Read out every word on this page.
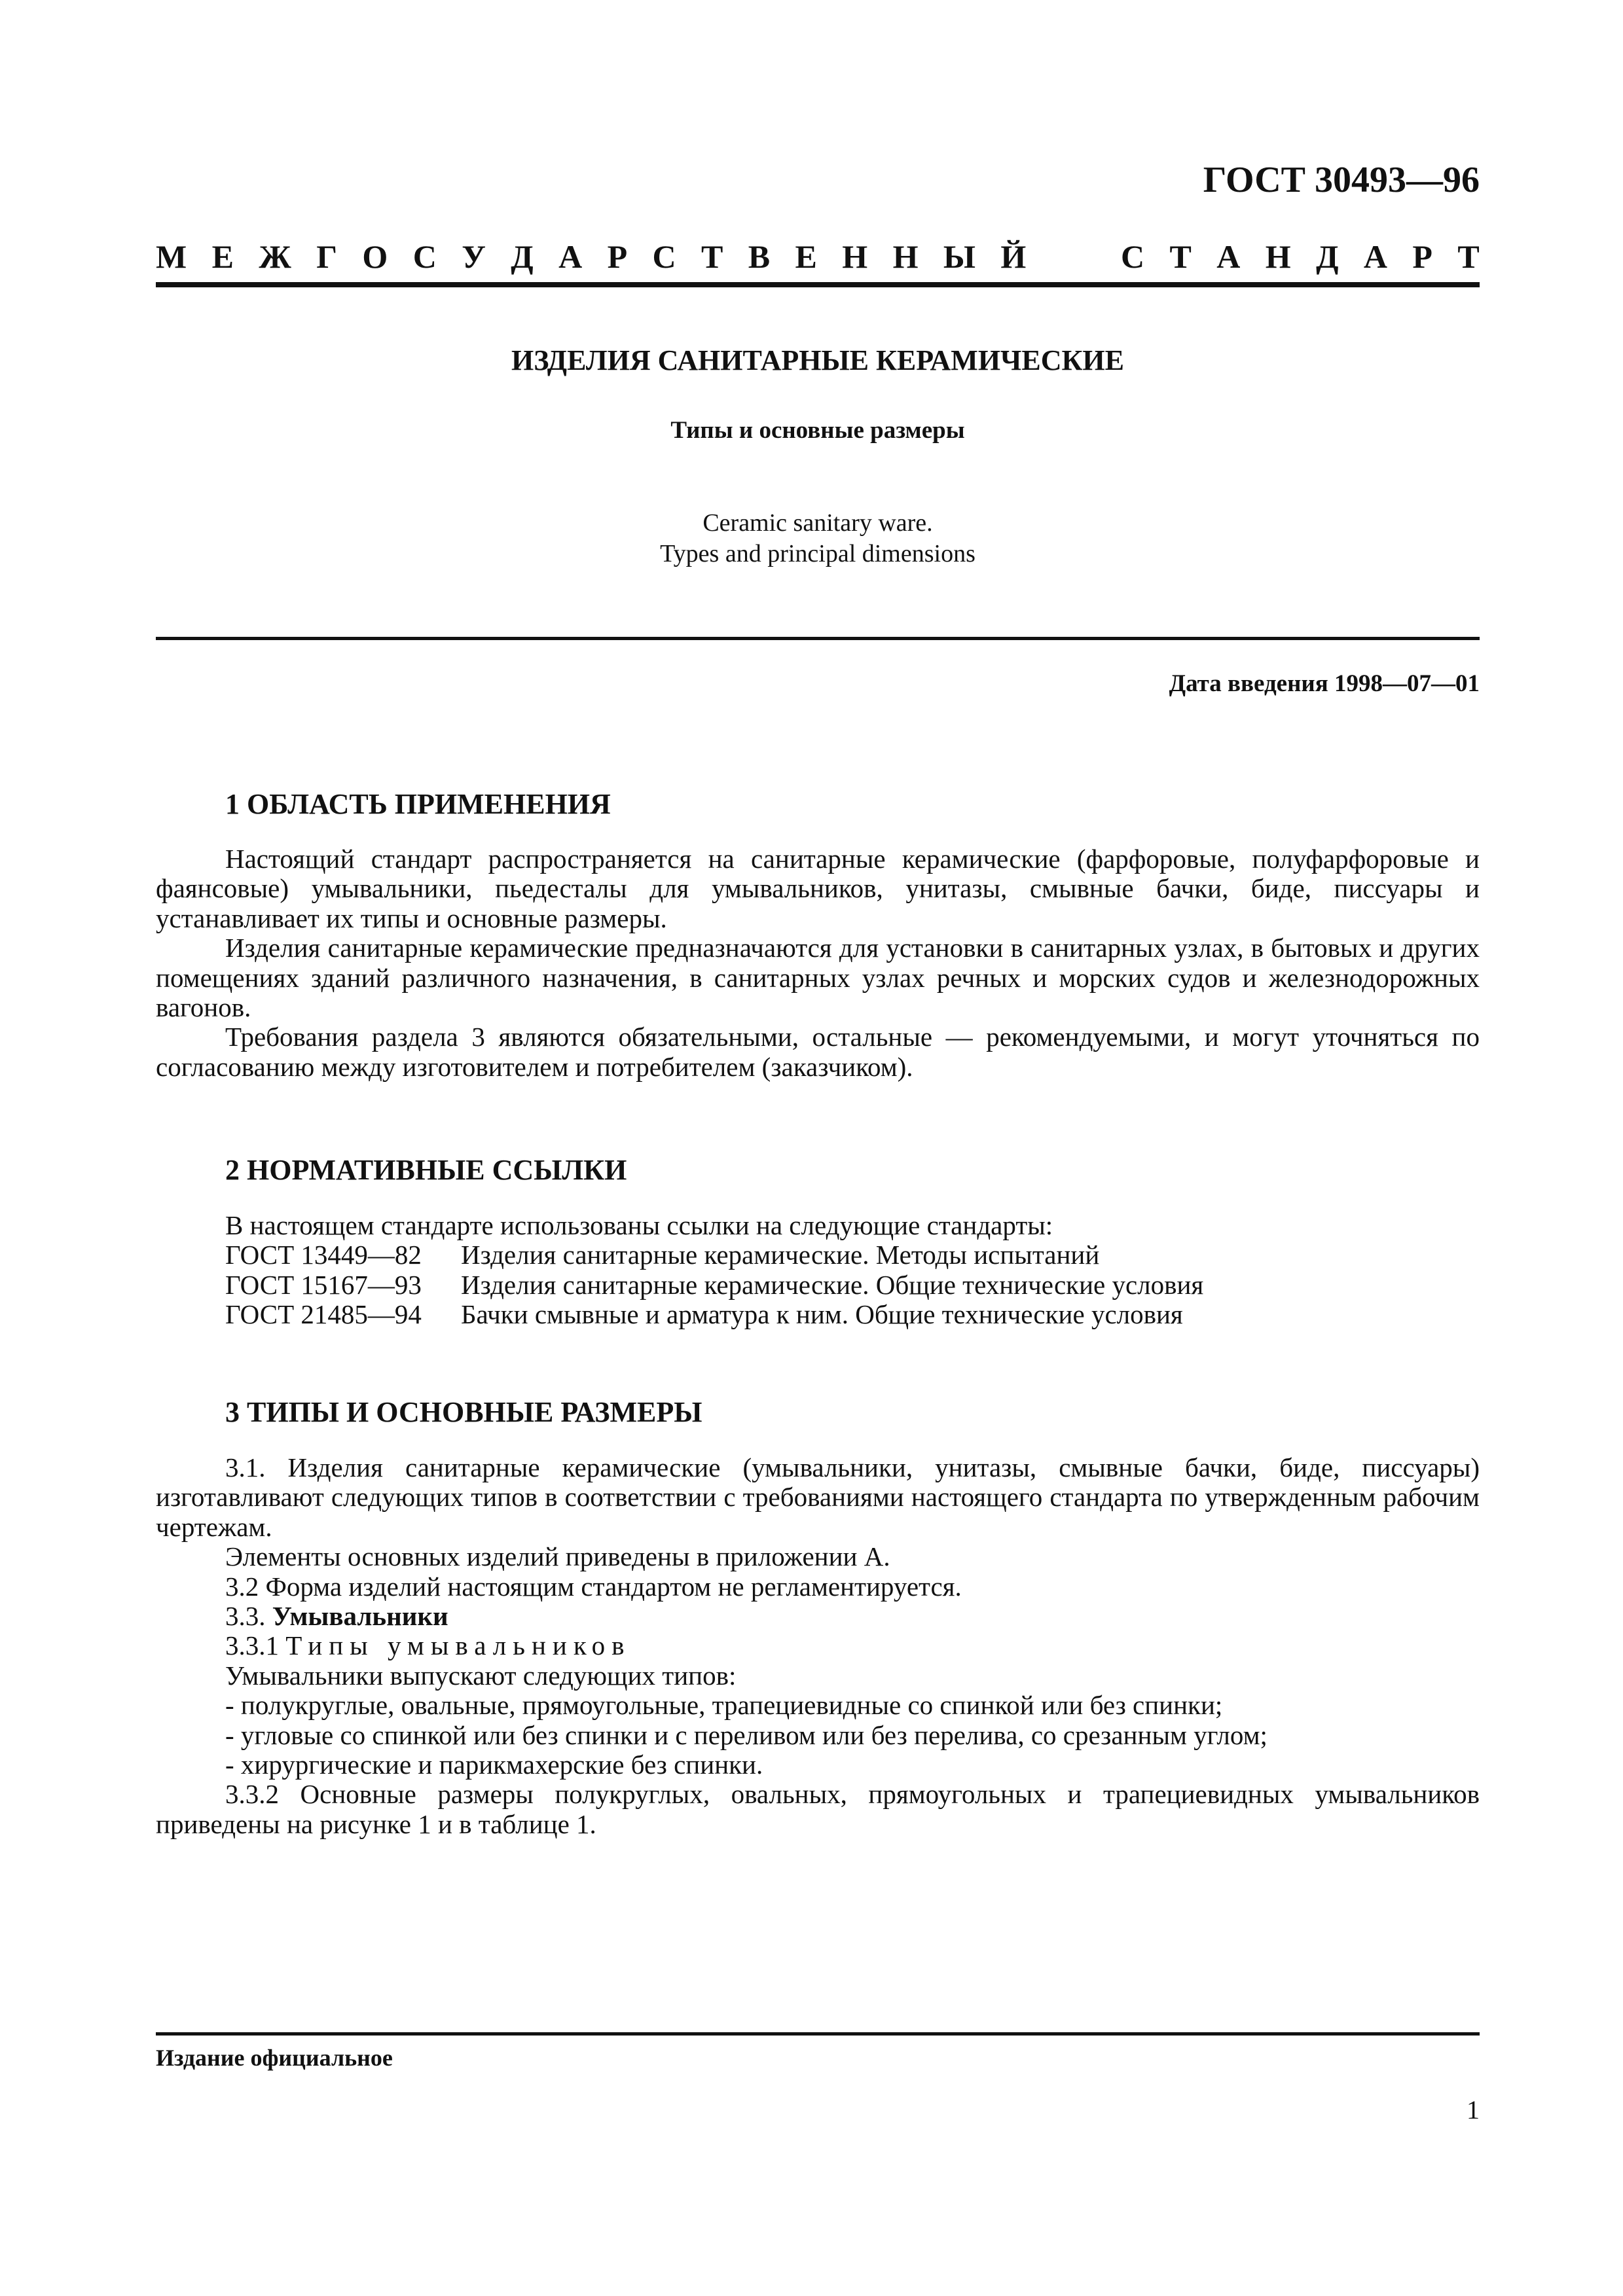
ГОСТ 30493—96
М Е Ж Г О С У Д А Р С Т В Е Н Н Ы Й	С Т А Н Д А Р Т
ИЗДЕЛИЯ САНИТАРНЫЕ КЕРАМИЧЕСКИЕ
Типы и основные размеры
Ceramic sanitary ware.
Types and principal dimensions
Дата введения 1998—07—01
1 ОБЛАСТЬ ПРИМЕНЕНИЯ

Настоящий стандарт распространяется на санитарные керамические (фарфоровые, полуфарфоровые и фаянсовые) умывальники, пьедесталы для умывальников, унитазы, смывные бачки, биде, писсуары и устанавливает их типы и основные размеры.

Изделия санитарные керамические предназначаются для установки в санитарных узлах, в бытовых и других помещениях зданий различного назначения, в санитарных узлах речных и морских судов и железнодорожных вагонов.

Требования раздела 3 являются обязательными, остальные — рекомендуемыми, и могут уточняться по согласованию между изготовителем и потребителем (заказчиком).

2 НОРМАТИВНЫЕ ССЫЛКИ

В настоящем стандарте использованы ссылки на следующие стандарты:

ГОСТ 13449—82	Изделия санитарные керамические. Методы испытаний
ГОСТ 15167—93	Изделия санитарные керамические. Общие технические условия
ГОСТ 21485—94	Бачки смывные и арматура к ним. Общие технические условия
3 ТИПЫ И ОСНОВНЫЕ РАЗМЕРЫ

3.1. Изделия санитарные керамические (умывальники, унитазы, смывные бачки, биде, писсуары) изготавливают следующих типов в соответствии с требованиями настоящего стандарта по утвержденным рабочим чертежам.

Элементы основных изделий приведены в приложении А.

3.2 Форма изделий настоящим стандартом не регламентируется.

3.3. Умывальники

3.3.1 Типы умывальников

Умывальники выпускают следующих типов:

- полукруглые, овальные, прямоугольные, трапециевидные со спинкой или без спинки;

- угловые со спинкой или без спинки и с переливом или без перелива, со срезанным углом;

- хирургические и парикмахерские без спинки.

3.3.2 Основные размеры полукруглых, овальных, прямоугольных и трапециевидных умывальников приведены на рисунке 1 и в таблице 1.

Издание официальное
1
